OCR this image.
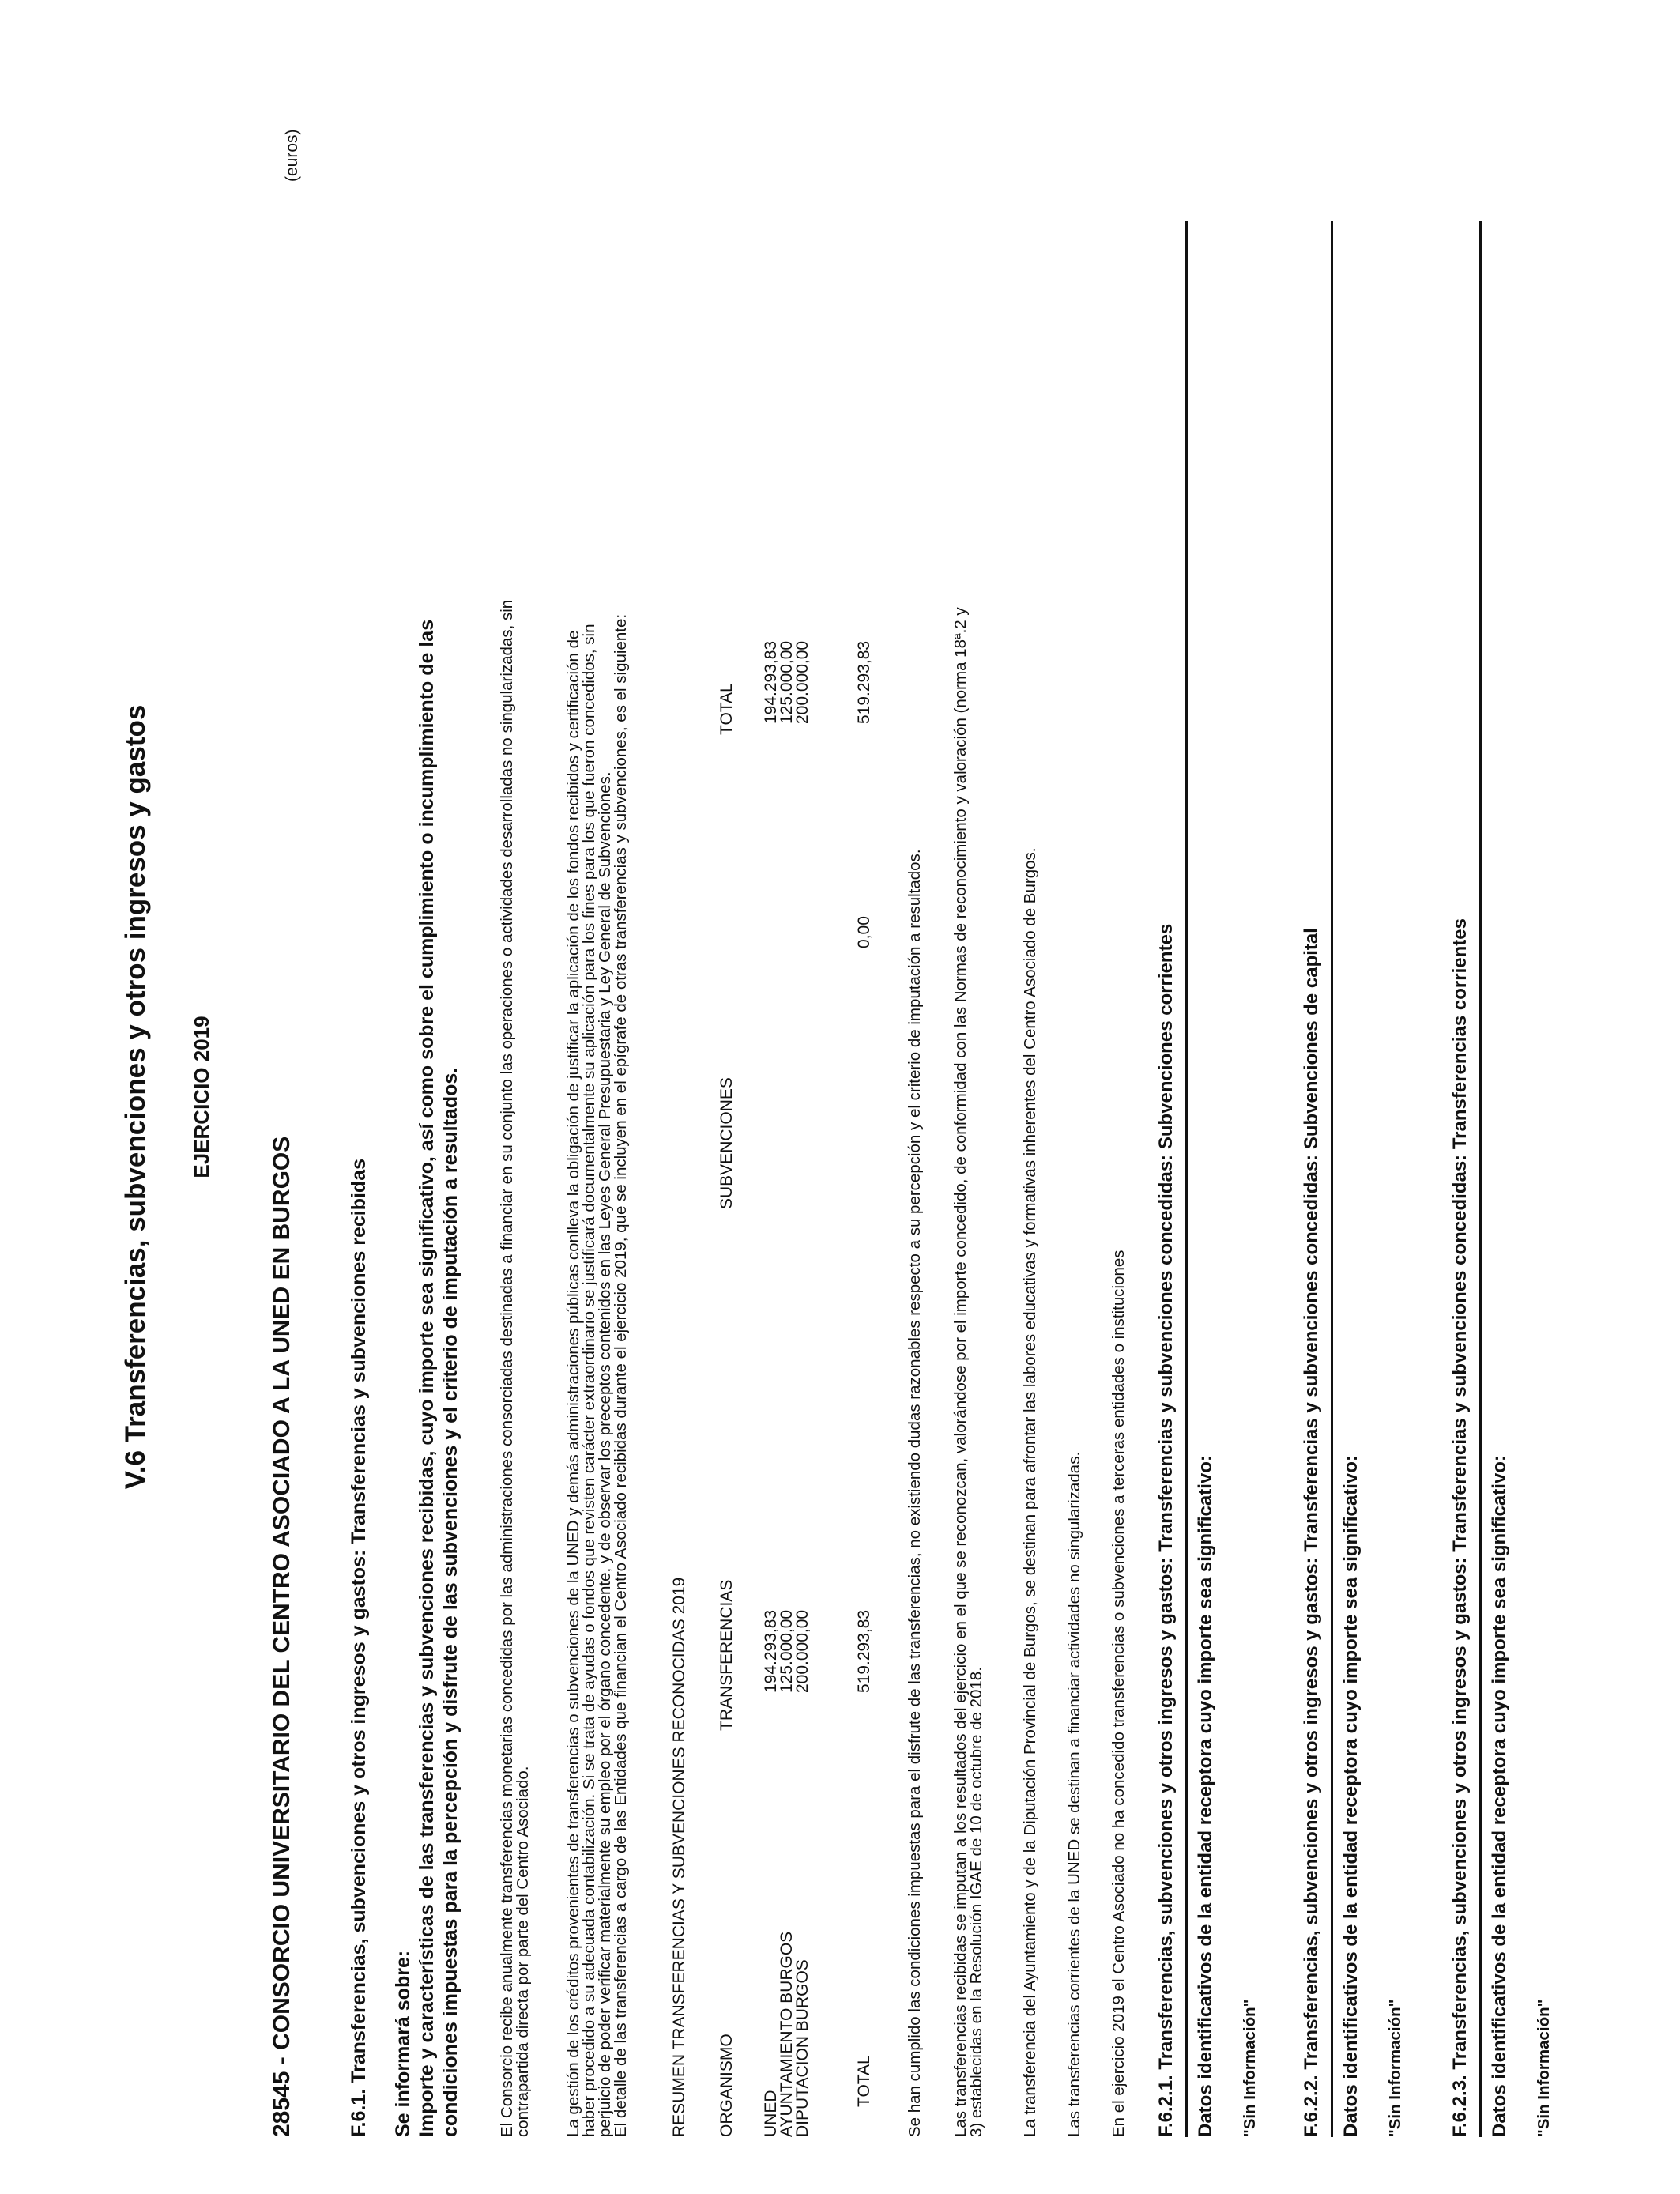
V.6 Transferencias, subvenciones y otros ingresos y gastos EJERCICIO 2019
(euros)
28545 - CONSORCIO UNIVERSITARIO DEL CENTRO ASOCIADO A LA UNED EN BURGOS	F.6.1. Transferencias, subvenciones y otros ingresos y gastos: Transferencias y subvenciones recibidas Se informará sobre: Importe y características de las transferencias y subvenciones recibidas, cuyo importe sea significativo, así como sobre el cumplimiento o incumplimiento de las condiciones impuestas para la percepción y disfrute de las subvenciones y el criterio de imputación a resultados. El Consorcio recibe anualmente transferencias monetarias concedidas por las administraciones consorciadas destinadas a financiar en su conjunto las operaciones o actividades desarrolladas no singularizadas, sin
contrapartida directa por parte del Centro Asociado. La gestión de los créditos provenientes de transferencias o subvenciones de la UNED y demás administraciones públicas conlleva la obligación de justificar la aplicación de los fondos recibidos y certificación de
haber procedido a su adecuada contabilización. Si se trata de ayudas o fondos que revisten carácter extraordinario se justificará documentalmente su aplicación para los fines para los que fueron concedidos, sin
perjuicio de poder verificar materialmente su empleo por el órgano concedente, y de observar los preceptos contenidos en las Leyes General Presupuestaria y Ley General de Subvenciones.
El detalle de las transferencias a cargo de las Entidades que financian el Centro Asociado recibidas durante el ejercicio 2019, que se incluyen en el epígrafe de otras transferencias y subvenciones, es el siguiente: RESUMEN TRANSFERENCIAS Y SUBVENCIONES RECONOCIDAS 2019 ORGANISMO
TRANSFERENCIAS
SUBVENCIONES
TOTAL
UNED
194.293,83
194.293,83
AYUNTAMIENTO BURGOS
125.000,00
125.000,00
DIPUTACION BURGOS
200.000,00
200.000,00
TOTAL
519.293,83
0,00
519.293,83
Se han cumplido las condiciones impuestas para el disfrute de las transferencias, no existiendo dudas razonables respecto a su percepción y el criterio de imputación a resultados. Las transferencias recibidas se imputan a los resultados del ejercicio en el que se reconozcan, valorándose por el importe concedido, de conformidad con las Normas de reconocimiento y valoración (norma 18ª.2 y
3) establecidas en la Resolución IGAE de 10 de octubre de 2018. La transferencia del Ayuntamiento y de la Diputación Provincial de Burgos, se destinan para afrontar las labores educativas y formativas inherentes del Centro Asociado de Burgos. Las transferencias corrientes de la UNED se destinan a financiar actividades no singularizadas. En el ejercicio 2019 el Centro Asociado no ha concedido transferencias o subvenciones a terceras entidades o instituciones F.6.2.1. Transferencias, subvenciones y otros ingresos y gastos: Transferencias y subvenciones concedidas: Subvenciones corrientes Datos identificativos de la entidad receptora cuyo importe sea significativo: "Sin Información" F.6.2.2. Transferencias, subvenciones y otros ingresos y gastos: Transferencias y subvenciones concedidas: Subvenciones de capital Datos identificativos de la entidad receptora cuyo importe sea significativo: "Sin Información" F.6.2.3. Transferencias, subvenciones y otros ingresos y gastos: Transferencias y subvenciones concedidas: Transferencias corrientes Datos identificativos de la entidad receptora cuyo importe sea significativo: "Sin Información"
